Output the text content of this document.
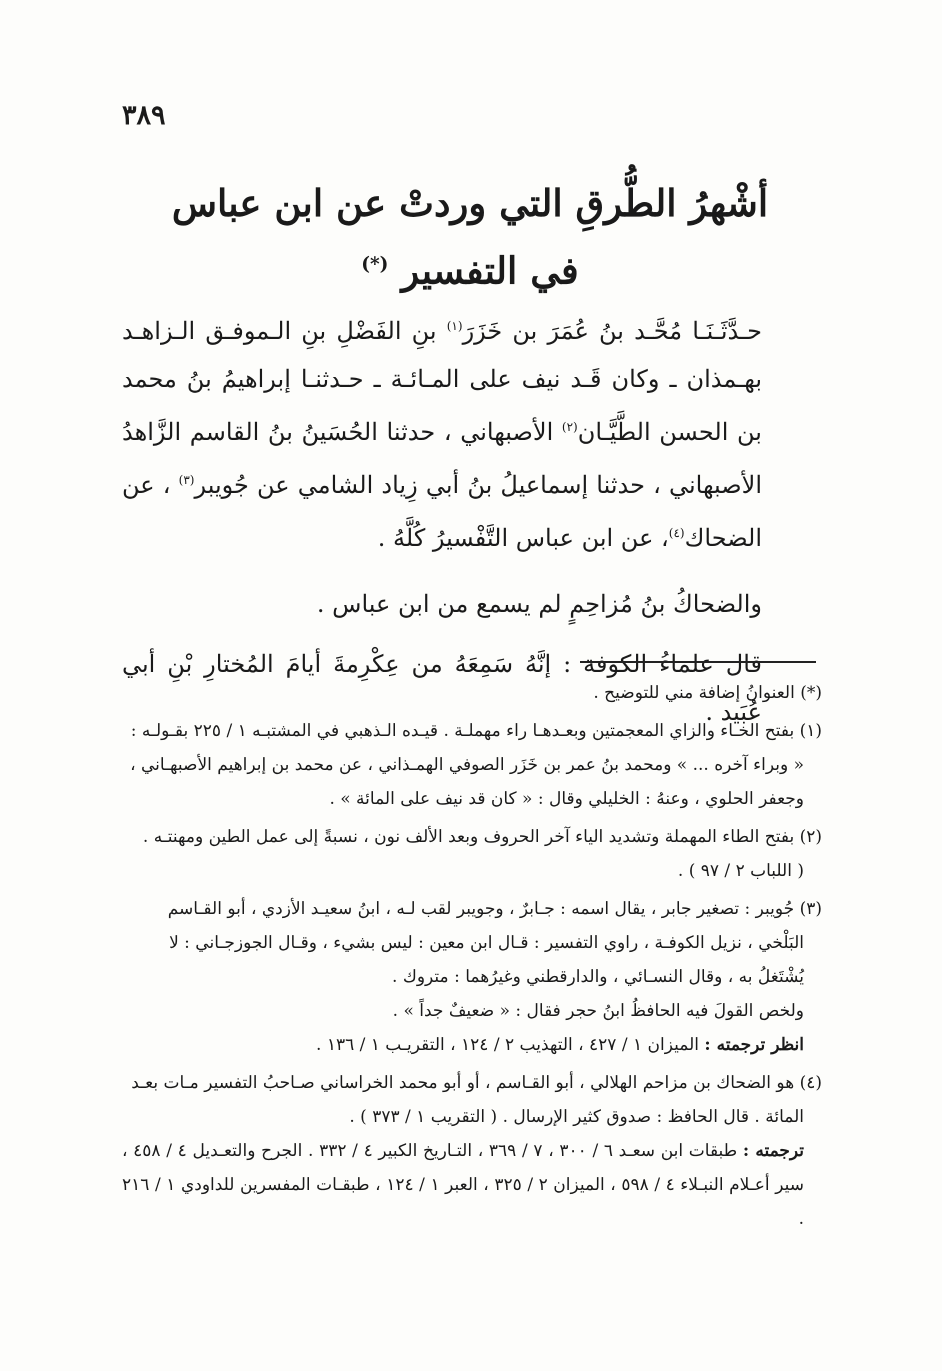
٣٨٩
أشْهرُ الطُّرقِ التي وردتْ عن ابن عباس
في التفسير (*)

حـدَّثَـنَـا مُحَّـد بنُ عُمَرَ بن خَزَرَ$^{(١)}$ بنِ الفَضْلِ بنِ الـموفـق الـزاهـد بهـمذان ـ وكان قَـد نيف على المـائـة ـ حـدثنـا إبراهيمُ بنُ محمد بن الحسن الطَّيَّـان$^{(٢)}$ الأصبهاني ، حدثنا الحُسَينُ بنُ القاسم الزَّاهدُ الأصبهاني ، حدثنا إسماعيلُ بنُ أبي زِياد الشامي عن جُويبر$^{(٣)}$ ، عن الضحاك$^{(٤)}$، عن ابن عباس التَّفْسيرُ كُلَّهُ .

والضحاكُ بنُ مُزاحِمٍ لم يسمع من ابن عباس .

قال علماءُ الكوفة : إنَّهُ سَمِعَهُ من عِكْرِمةَ أيامَ المُختارِ بْنِ أبي عُبَيد .

(*) العنوانُ إضافة مني للتوضيح .

(١) بفتح الخـاء والزاي المعجمتين وبعـدهـا راء مهملـة . قيـده الـذهبي في المشتبـه ١ / ٢٢٥ بقـولـه :
« وبراء آخره ... » ومحمد بنُ عمر بن خَزَر الصوفي الهمـذاني ، عن محمد بن إبراهيم الأصبهـاني ،
وجعفر الحلوي ، وعنهُ : الخليلي وقال : « كان قد نيف على المائة » .
(٢) بفتح الطاء المهملة وتشديد الياء آخر الحروف وبعد الألف نون ، نسبةً إلى عمل الطين ومهنتـه .
( اللباب ٢ / ٩٧ ) .
(٣) جُويبر : تصغير جابر ، يقال اسمه : جـابرٌ ، وجويبر لقب لـه ، ابنُ سعيـد الأزدي ، أبو القـاسم
البَلْخي ، نزيل الكوفـة ، راوي التفسير : قـال ابن معين : ليس بشيء ، وقـال الجوزجـاني : لا
يُشْتَغلُ به ، وقال النسـائي ، والدارقطني وغيرُهما : متروك .
ولخص القولَ فيه الحافظُ ابنُ حجر فقال : « ضعيفٌ جداً » .
انظر ترجمته : الميزان ١ / ٤٢٧ ، التهذيب ٢ / ١٢٤ ، التقريـب ١ / ١٣٦ .
(٤) هو الضحاك بن مزاحم الهلالي ، أبو القـاسم ، أو أبو محمد الخراساني صـاحبُ التفسير مـات بعـد
المائة . قال الحافظ : صدوق كثير الإرسال . ( التقريب ١ / ٣٧٣ ) .
ترجمته : طبقات ابن سعـد ٦ / ٣٠٠ ، ٧ / ٣٦٩ ، التـاريخ الكبير ٤ / ٣٣٢ . الجرح والتعـديل ٤ / ٤٥٨ ، سير أعـلام النبـلاء ٤ / ٥٩٨ ، الميزان ٢ / ٣٢٥ ، العبر ١ / ١٢٤ ، طبقـات المفسرين للداودي ١ / ٢١٦ .
